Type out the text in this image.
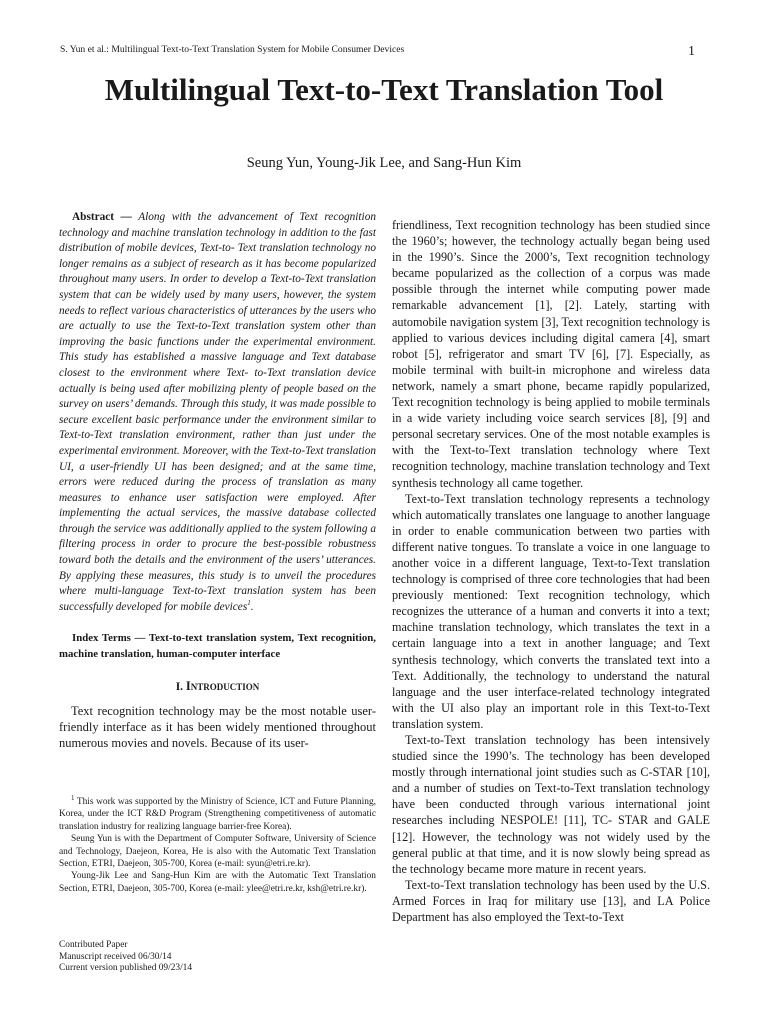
S. Yun et al.: Multilingual Text-to-Text Translation System for Mobile Consumer Devices	1
Multilingual Text-to-Text Translation Tool
Seung Yun, Young-Jik Lee, and Sang-Hun Kim
Abstract — Along with the advancement of Text recognition technology and machine translation technology in addition to the fast distribution of mobile devices, Text-to- Text translation technology no longer remains as a subject of research as it has become popularized throughout many users. In order to develop a Text-to-Text translation system that can be widely used by many users, however, the system needs to reflect various characteristics of utterances by the users who are actually to use the Text-to-Text translation system other than improving the basic functions under the experimental environment. This study has established a massive language and Text database closest to the environment where Text- to-Text translation device actually is being used after mobilizing plenty of people based on the survey on users’ demands. Through this study, it was made possible to secure excellent basic performance under the environment similar to Text-to-Text translation environment, rather than just under the experimental environment. Moreover, with the Text-to-Text translation UI, a user-friendly UI has been designed; and at the same time, errors were reduced during the process of translation as many measures to enhance user satisfaction were employed. After implementing the actual services, the massive database collected through the service was additionally applied to the system following a filtering process in order to procure the best-possible robustness toward both the details and the environment of the users’ utterances. By applying these measures, this study is to unveil the procedures where multi-language Text-to-Text translation system has been successfully developed for mobile devices$^1$.
Index Terms — Text-to-text translation system, Text recognition, machine translation, human-computer interface
I. Introduction
Text recognition technology may be the most notable user-friendly interface as it has been widely mentioned throughout numerous movies and novels. Because of its user-

friendliness, Text recognition technology has been studied since the 1960’s; however, the technology actually began being used in the 1990’s. Since the 2000’s, Text recognition technology became popularized as the collection of a corpus was made possible through the internet while computing power made remarkable advancement [1], [2]. Lately, starting with automobile navigation system [3], Text recognition technology is applied to various devices including digital camera [4], smart robot [5], refrigerator and smart TV [6], [7]. Especially, as mobile terminal with built-in microphone and wireless data network, namely a smart phone, became rapidly popularized, Text recognition technology is being applied to mobile terminals in a wide variety including voice search services [8], [9] and personal secretary services. One of the most notable examples is with the Text-to-Text translation technology where Text recognition technology, machine translation technology and Text synthesis technology all came together.

Text-to-Text translation technology represents a technology which automatically translates one language to another language in order to enable communication between two parties with different native tongues. To translate a voice in one language to another voice in a different language, Text-to-Text translation technology is comprised of three core technologies that had been previously mentioned: Text recognition technology, which recognizes the utterance of a human and converts it into a text; machine translation technology, which translates the text in a certain language into a text in another language; and Text synthesis technology, which converts the translated text into a Text. Additionally, the technology to understand the natural language and the user interface-related technology integrated with the UI also play an important role in this Text-to-Text translation system.

Text-to-Text translation technology has been intensively studied since the 1990’s. The technology has been developed mostly through international joint studies such as C-STAR [10], and a number of studies on Text-to-Text translation technology have been conducted through various international joint researches including NESPOLE! [11], TC- STAR and GALE [12]. However, the technology was not widely used by the general public at that time, and it is now slowly being spread as the technology became more mature in recent years.

Text-to-Text translation technology has been used by the U.S. Armed Forces in Iraq for military use [13], and LA Police Department has also employed the Text-to-Text

$^1$ This work was supported by the Ministry of Science, ICT and Future Planning, Korea, under the ICT R&D Program (Strengthening competitiveness of automatic translation industry for realizing language barrier-free Korea).

Seung Yun is with the Department of Computer Software, University of Science and Technology, Daejeon, Korea, He is also with the Automatic Text Translation Section, ETRI, Daejeon, 305-700, Korea (e-mail: syun@etri.re.kr).

Young-Jik Lee and Sang-Hun Kim are with the Automatic Text Translation Section, ETRI, Daejeon, 305-700, Korea (e-mail: ylee@etri.re.kr, ksh@etri.re.kr).

Contributed Paper
Manuscript received 06/30/14
Current version published 09/23/14
